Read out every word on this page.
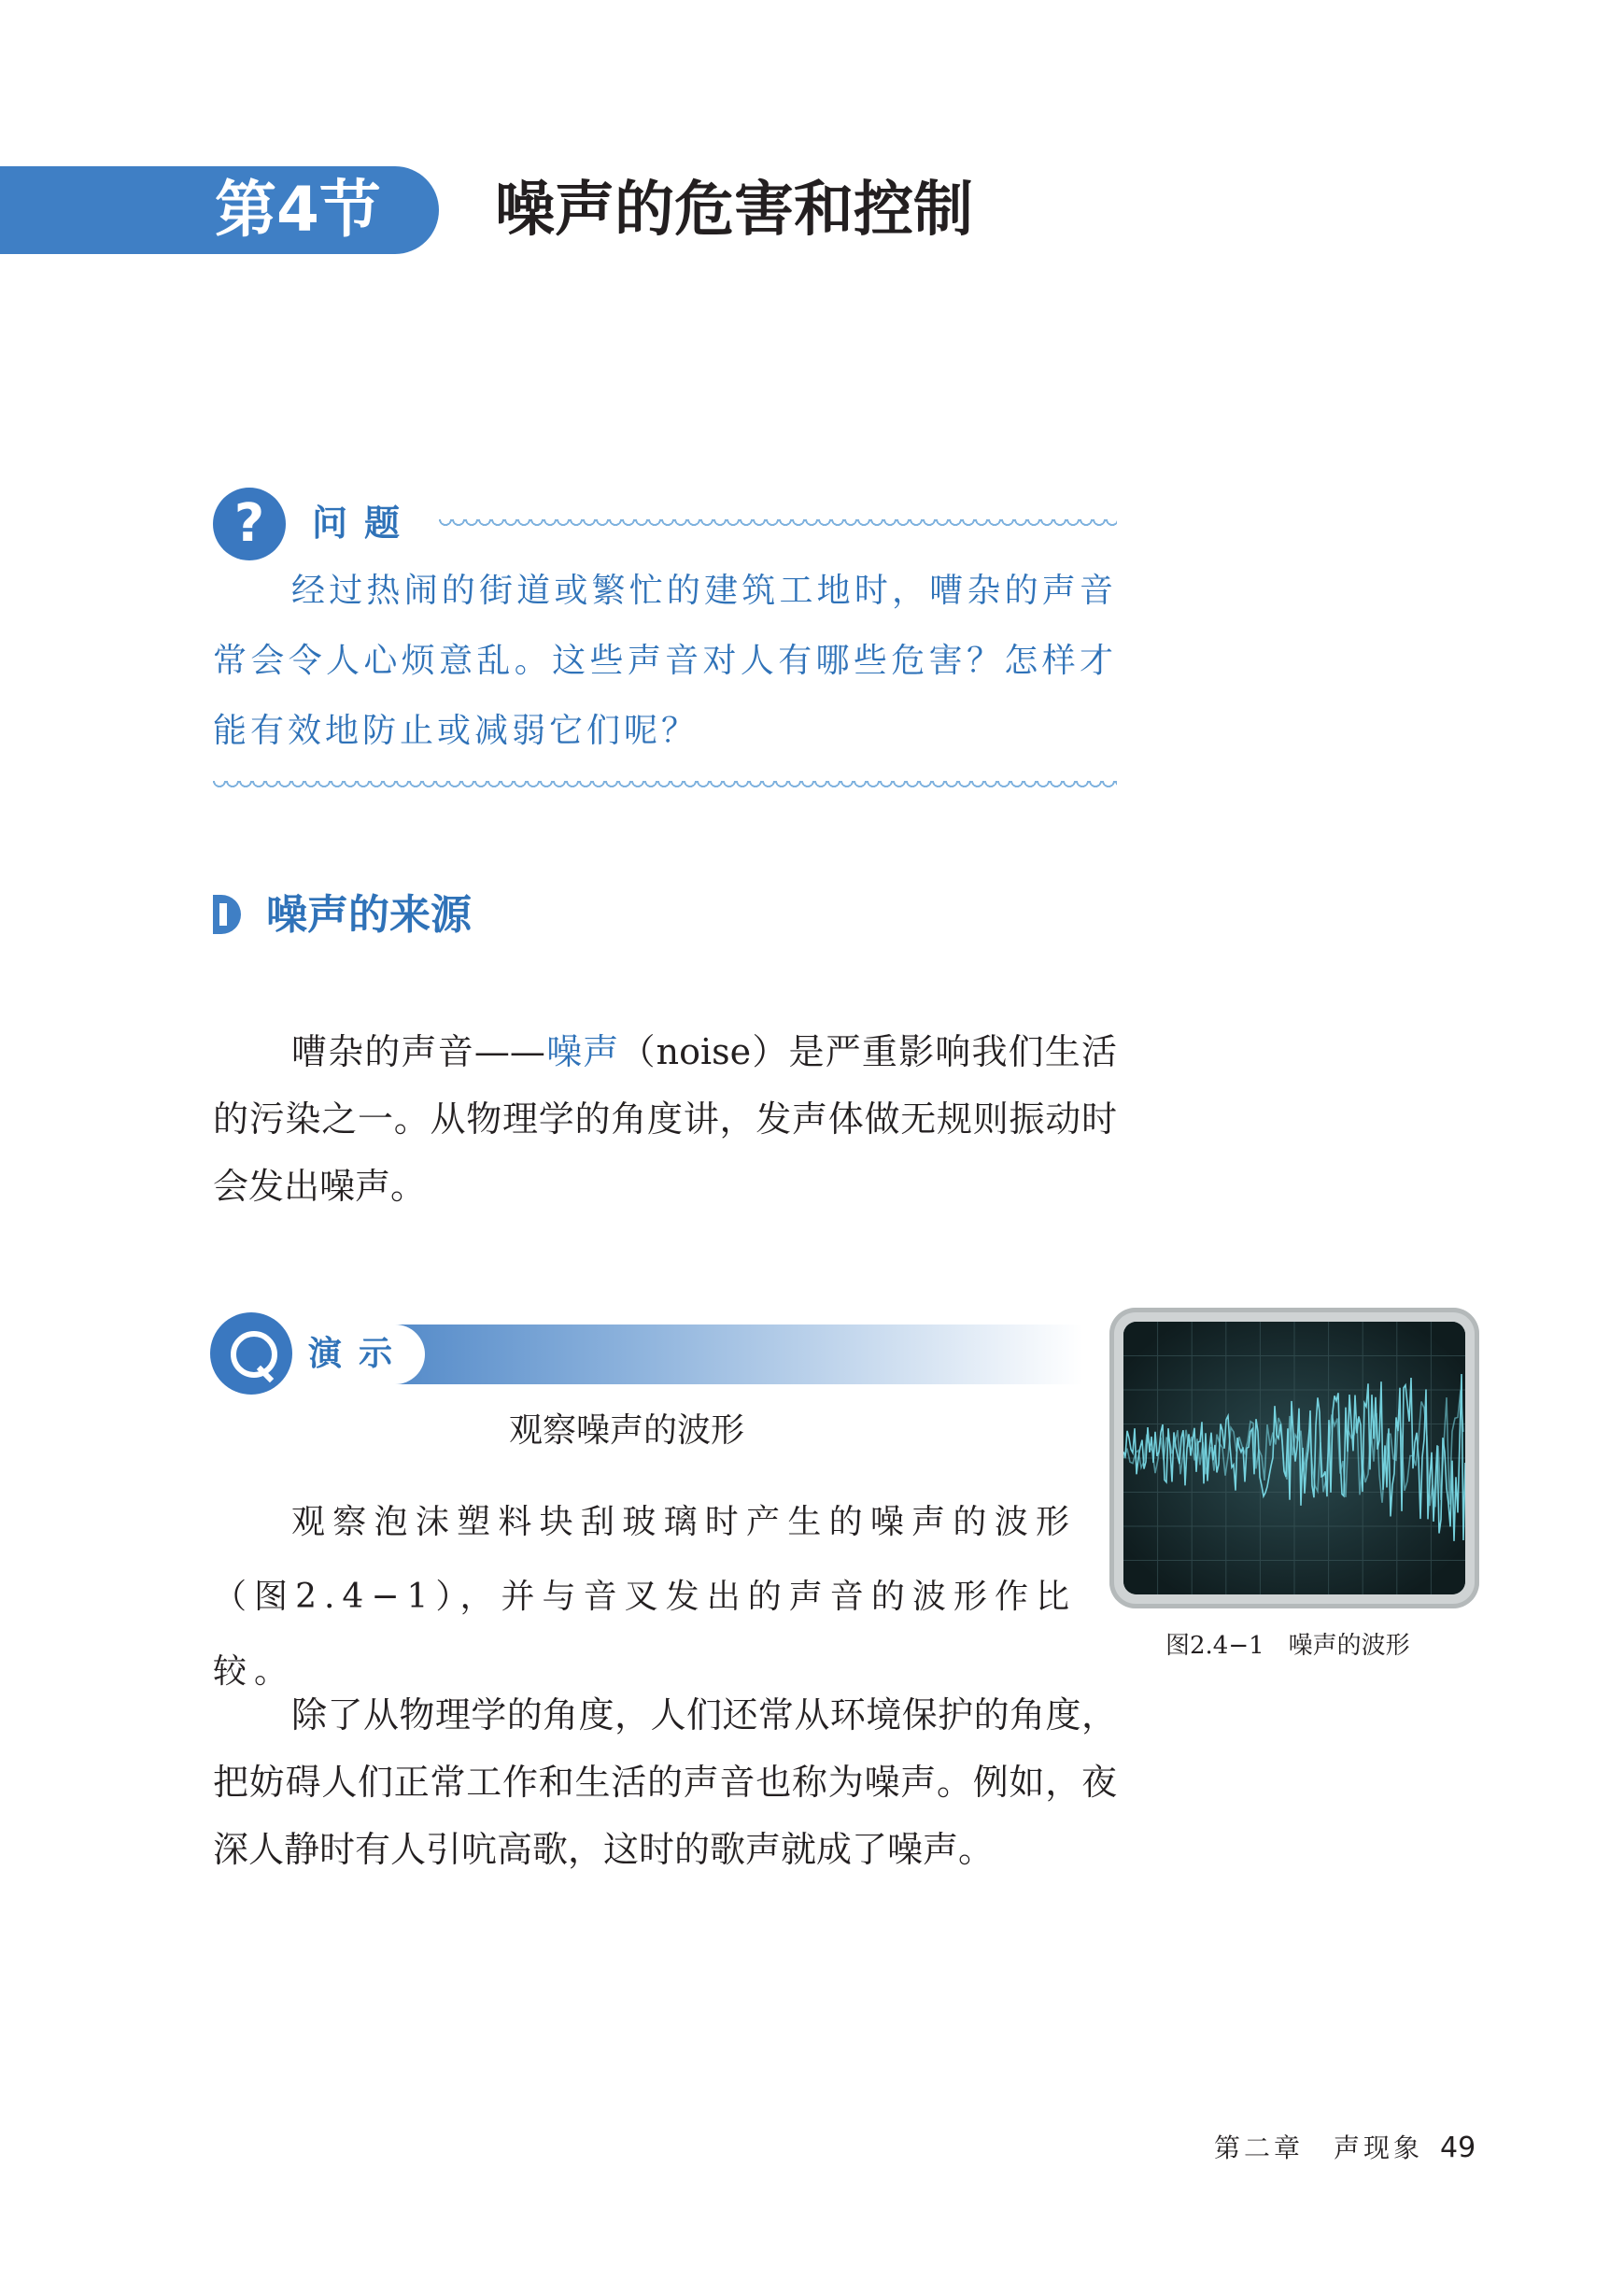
第4节 噪声的危害和控制
?	问题
经过热闹的街道或繁忙的建筑工地时，嘈杂的声音常会令人心烦意乱。这些声音对人有哪些危害？怎样才能有效地防止或减弱它们呢？
噪声的来源
嘈杂的声音——噪声（noise）是严重影响我们生活的污染之一。从物理学的角度讲，发声体做无规则振动时会发出噪声。
演示
观察噪声的波形
观察泡沫塑料块刮玻璃时产生的噪声的波形（图2.4−1），并与音叉发出的声音的波形作比较。
图2.4−1　噪声的波形
除了从物理学的角度，人们还常从环境保护的角度，把妨碍人们正常工作和生活的声音也称为噪声。例如，夜深人静时有人引吭高歌，这时的歌声就成了噪声。
第二章　声现象 49
